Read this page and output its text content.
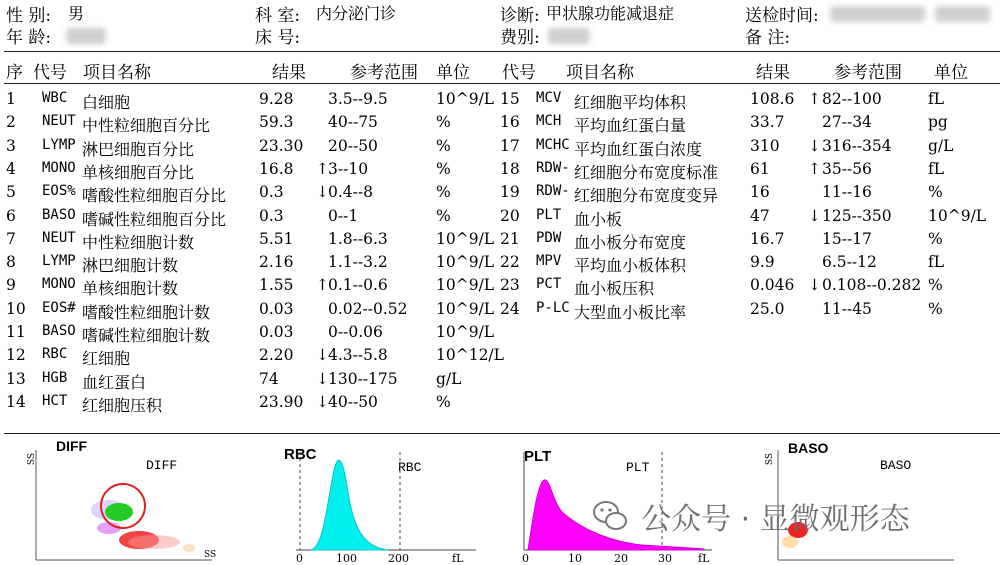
性 别: 男	科 室: 内分泌门诊	诊断: 甲状腺功能减退症	送检时间:
年 龄:	床 号:	费别:	备 注:
序 代号 项目名称	结果	参考范围 单位 代号 项目名称	结果	参考范围 单位
1 WBC 白细胞	9.28 3.5--9.5	10^9/L
2 NEUT 中性粒细胞百分比	59.3 40--75	%
3 LYMP 淋巴细胞百分比	23.30 20--50	%
4 MONO 单核细胞百分比	16.8 ↑ 3--10	%
5 EOS% 嗜酸性粒细胞百分比 0.3 ↓ 0.4--8	%
6 BASO 嗜碱性粒细胞百分比 0.3	0--1	%
7 NEUT 中性粒细胞计数	5.51 1.8--6.3	10^9/L
8 LYMP 淋巴细胞计数	2.16 1.1--3.2	10^9/L
9 MONO 单核细胞计数	1.55 ↑ 0.1--0.6	10^9/L
10 EOS# 嗜酸性粒细胞计数	0.03 0.02--0.52 10^9/L
11 BASO 嗜碱性粒细胞计数	0.03 0--0.06	10^9/L
12 RBC 红细胞	2.20 ↓ 4.3--5.8	10^12/L
13 HGB 血红蛋白	74 ↓ 130--175 g/L
14 HCT 红细胞压积	23.90 ↓ 40--50	%
15 MCV 红细胞平均体积	108.6 ↑ 82--100	fL
16 MCH 平均血红蛋白量	33.7 27--34	pg
17 MCHC 平均血红蛋白浓度	310 ↓ 316--354 g/L
18 RDW- 红细胞分布宽度标准 61 ↑ 35--56	fL
19 RDW- 红细胞分布宽度变异 16	11--16	%
20 PLT 血小板	47 ↓ 125--350 10^9/L
21 PDW 血小板分布宽度	16.7 15--17	%
22 MPV 平均血小板体积	9.9	6.5--12	fL
23 PCT 血小板压积	0.046 ↓ 0.108--0.282 %
24 P-LC 大型血小板比率	25.0 11--45	%
DIFF
DIFF
SS
SS
RBC
RBC
0	100	200	fL
PLT
PLT
0	10	20	30 fL
BASO
BASO
SS
公众号 · 显微观形态
